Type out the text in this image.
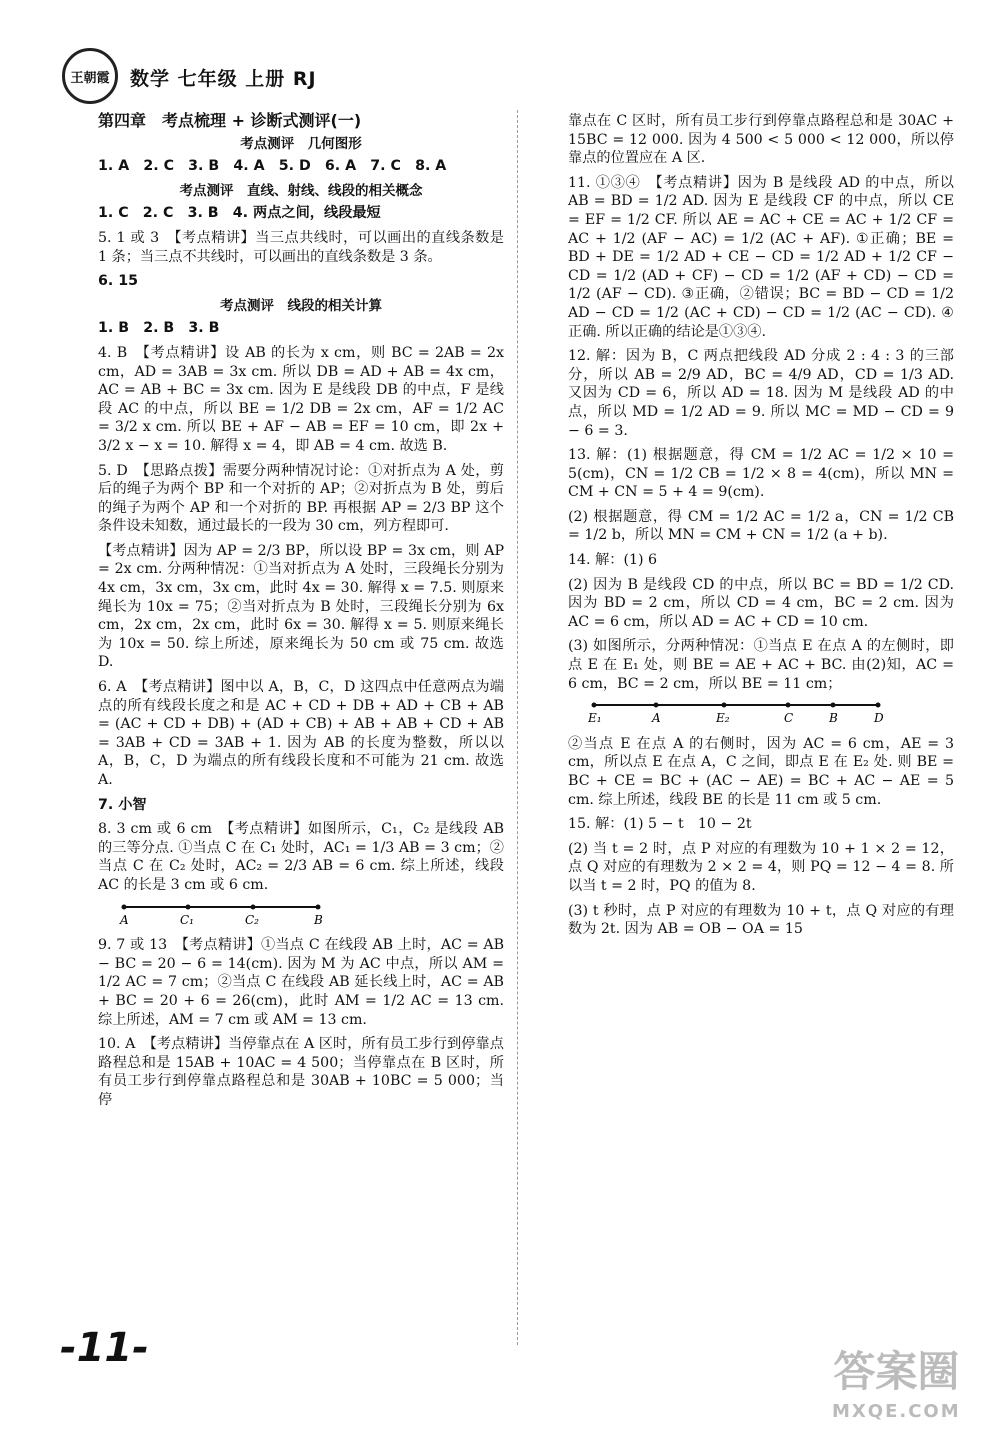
王朝霞 数学 七年级 上册 RJ
第四章　考点梳理 + 诊断式测评(一)
考点测评　几何图形
1. A　2. C　3. B　4. A　5. D　6. A　7. C　8. A
考点测评　直线、射线、线段的相关概念
1. C　2. C　3. B　4. 两点之间，线段最短
5. 1 或 3　【考点精讲】当三点共线时，可以画出的直线条数是 1 条；当三点不共线时，可以画出的直线条数是 3 条。
6. 15
考点测评　线段的相关计算
1. B　2. B　3. B
4. B　【考点精讲】设 AB 的长为 x cm，则 BC = 2AB = 2x cm，AD = 3AB = 3x cm. 所以 DB = AD + AB = 4x cm，AC = AB + BC = 3x cm. 因为 E 是线段 DB 的中点，F 是线段 AC 的中点，所以 BE = 1/2 DB = 2x cm，AF = 1/2 AC = 3/2 x cm. 所以 BE + AF − AB = EF = 10 cm，即 2x + 3/2 x − x = 10. 解得 x = 4，即 AB = 4 cm. 故选 B.
5. D　【思路点拨】需要分两种情况讨论：①对折点为 A 处，剪后的绳子为两个 BP 和一个对折的 AP；②对折点为 B 处，剪后的绳子为两个 AP 和一个对折的 BP. 再根据 AP = 2/3 BP 这个条件设未知数，通过最长的一段为 30 cm，列方程即可.
【考点精讲】因为 AP = 2/3 BP，所以设 BP = 3x cm，则 AP = 2x cm. 分两种情况：①当对折点为 A 处时，三段绳长分别为 4x cm，3x cm，3x cm，此时 4x = 30. 解得 x = 7.5. 则原来绳长为 10x = 75；②当对折点为 B 处时，三段绳长分别为 6x cm，2x cm，2x cm，此时 6x = 30. 解得 x = 5. 则原来绳长为 10x = 50. 综上所述，原来绳长为 50 cm 或 75 cm. 故选 D.
6. A　【考点精讲】图中以 A，B，C，D 这四点中任意两点为端点的所有线段长度之和是 AC + CD + DB + AD + CB + AB = (AC + CD + DB) + (AD + CB) + AB + AB + CD + AB = 3AB + CD = 3AB + 1. 因为 AB 的长度为整数，所以以 A，B，C，D 为端点的所有线段长度和不可能为 21 cm. 故选 A.
7. 小智
8. 3 cm 或 6 cm　【考点精讲】如图所示，C₁，C₂ 是线段 AB 的三等分点. ①当点 C 在 C₁ 处时，AC₁ = 1/3 AB = 3 cm；②当点 C 在 C₂ 处时，AC₂ = 2/3 AB = 6 cm. 综上所述，线段 AC 的长是 3 cm 或 6 cm.
A	C₁	C₂	B
9. 7 或 13　【考点精讲】①当点 C 在线段 AB 上时，AC = AB − BC = 20 − 6 = 14(cm). 因为 M 为 AC 中点，所以 AM = 1/2 AC = 7 cm；②当点 C 在线段 AB 延长线上时，AC = AB + BC = 20 + 6 = 26(cm)，此时 AM = 1/2 AC = 13 cm. 综上所述，AM = 7 cm 或 AM = 13 cm.
10. A　【考点精讲】当停靠点在 A 区时，所有员工步行到停靠点路程总和是 15AB + 10AC = 4 500；当停靠点在 B 区时，所有员工步行到停靠点路程总和是 30AB + 10BC = 5 000；当停
靠点在 C 区时，所有员工步行到停靠点路程总和是 30AC + 15BC = 12 000. 因为 4 500 < 5 000 < 12 000，所以停靠点的位置应在 A 区.
11. ①③④　【考点精讲】因为 B 是线段 AD 的中点，所以 AB = BD = 1/2 AD. 因为 E 是线段 CF 的中点，所以 CE = EF = 1/2 CF. 所以 AE = AC + CE = AC + 1/2 CF = AC + 1/2 (AF − AC) = 1/2 (AC + AF). ①正确；BE = BD + DE = 1/2 AD + CE − CD = 1/2 AD + 1/2 CF − CD = 1/2 (AD + CF) − CD = 1/2 (AF + CD) − CD = 1/2 (AF − CD). ③正确，②错误；BC = BD − CD = 1/2 AD − CD = 1/2 (AC + CD) − CD = 1/2 (AC − CD). ④正确. 所以正确的结论是①③④.
12. 解：因为 B，C 两点把线段 AD 分成 2 : 4 : 3 的三部分，所以 AB = 2/9 AD，BC = 4/9 AD，CD = 1/3 AD. 又因为 CD = 6，所以 AD = 18. 因为 M 是线段 AD 的中点，所以 MD = 1/2 AD = 9. 所以 MC = MD − CD = 9 − 6 = 3.
13. 解：(1) 根据题意，得 CM = 1/2 AC = 1/2 × 10 = 5(cm)，CN = 1/2 CB = 1/2 × 8 = 4(cm)，所以 MN = CM + CN = 5 + 4 = 9(cm).
(2) 根据题意，得 CM = 1/2 AC = 1/2 a，CN = 1/2 CB = 1/2 b，所以 MN = CM + CN = 1/2 (a + b).
14. 解：(1) 6
(2) 因为 B 是线段 CD 的中点，所以 BC = BD = 1/2 CD. 因为 BD = 2 cm，所以 CD = 4 cm，BC = 2 cm. 因为 AC = 6 cm，所以 AD = AC + CD = 10 cm.
(3) 如图所示，分两种情况：①当点 E 在点 A 的左侧时，即点 E 在 E₁ 处，则 BE = AE + AC + BC. 由(2)知，AC = 6 cm，BC = 2 cm，所以 BE = 11 cm；
E₁	A	E₂	C	B	D
②当点 E 在点 A 的右侧时，因为 AC = 6 cm，AE = 3 cm，所以点 E 在点 A，C 之间，即点 E 在 E₂ 处. 则 BE = BC + CE = BC + (AC − AE) = BC + AC − AE = 5 cm. 综上所述，线段 BE 的长是 11 cm 或 5 cm.
15. 解：(1) 5 − t　10 − 2t
(2) 当 t = 2 时，点 P 对应的有理数为 10 + 1 × 2 = 12，点 Q 对应的有理数为 2 × 2 = 4，则 PQ = 12 − 4 = 8. 所以当 t = 2 时，PQ 的值为 8.
(3) t 秒时，点 P 对应的有理数为 10 + t，点 Q 对应的有理数为 2t. 因为 AB = OB − OA = 15
-11-	答案圈
MXQE.COM
